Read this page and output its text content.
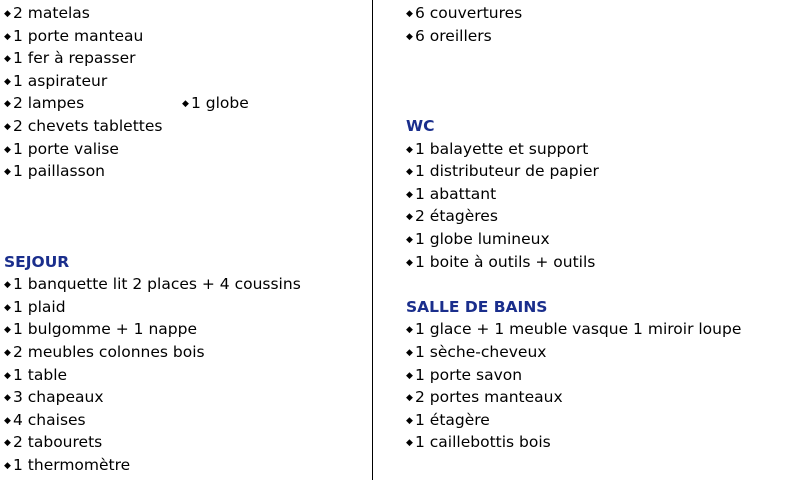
◆ 2 matelas
◆ 1 porte manteau
◆ 1 fer à repasser
◆ 1 aspirateur
◆ 2 lampes	◆ 1 globe
◆ 2 chevets tablettes
◆ 1 porte valise
◆ 1 paillasson
SEJOUR
◆ 1 banquette lit 2 places + 4 coussins
◆ 1 plaid
◆ 1 bulgomme + 1 nappe
◆ 2 meubles colonnes bois
◆ 1 table
◆ 3 chapeaux
◆ 4 chaises
◆ 2 tabourets
◆ 1 thermomètre
◆ 6 couvertures
◆ 6 oreillers
WC
◆ 1 balayette et support
◆ 1 distributeur de papier
◆ 1 abattant
◆ 2 étagères
◆ 1 globe lumineux
◆ 1 boite à outils + outils
SALLE DE BAINS
◆ 1 glace + 1 meuble vasque 1 miroir loupe
◆ 1 sèche-cheveux
◆ 1 porte savon
◆ 2 portes manteaux
◆ 1 étagère
◆ 1 caillebottis bois
